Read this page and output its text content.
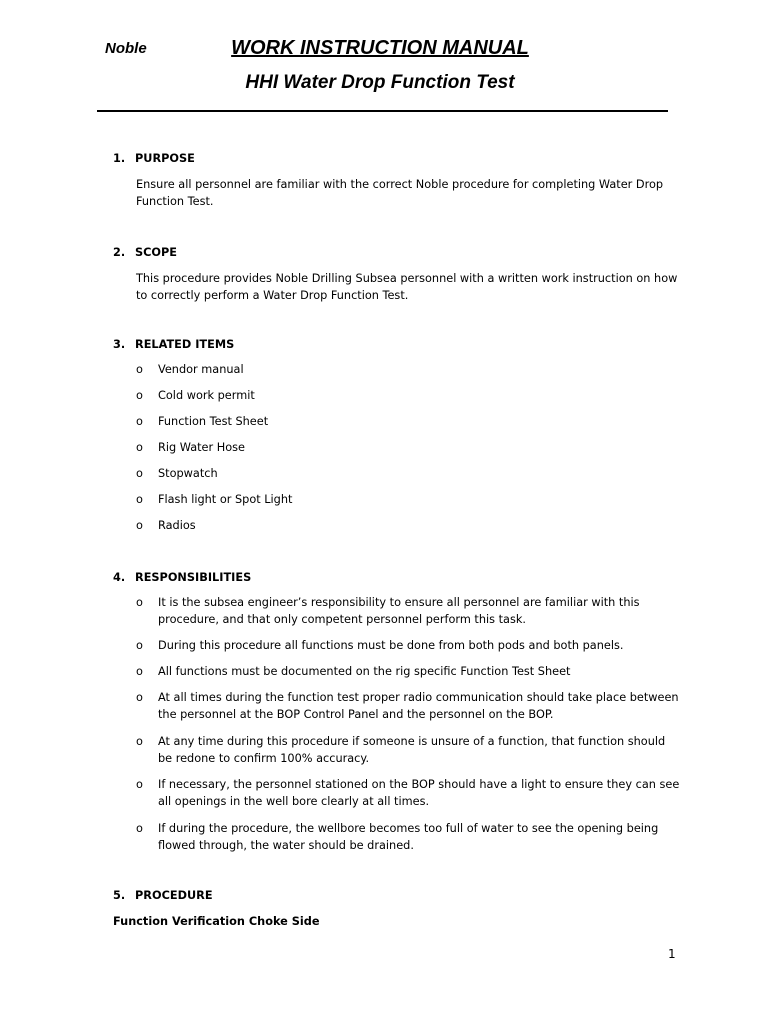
Noble	WORK INSTRUCTION MANUAL
HHI Water Drop Function Test
1. PURPOSE
Ensure all personnel are familiar with the correct Noble procedure for completing Water Drop Function Test.
2. SCOPE
This procedure provides Noble Drilling Subsea personnel with a written work instruction on how to correctly perform a Water Drop Function Test.
3. RELATED ITEMS
o Vendor manual
o Cold work permit
o Function Test Sheet
o Rig Water Hose
o Stopwatch
o Flash light or Spot Light
o Radios
4. RESPONSIBILITIES
o It is the subsea engineer’s responsibility to ensure all personnel are familiar with this procedure, and that only competent personnel perform this task.
o During this procedure all functions must be done from both pods and both panels.
o All functions must be documented on the rig specific Function Test Sheet
o At all times during the function test proper radio communication should take place between the personnel at the BOP Control Panel and the personnel on the BOP.
o At any time during this procedure if someone is unsure of a function, that function should be redone to confirm 100% accuracy.
o If necessary, the personnel stationed on the BOP should have a light to ensure they can see all openings in the well bore clearly at all times.
o If during the procedure, the wellbore becomes too full of water to see the opening being flowed through, the water should be drained.
5. PROCEDURE
Function Verification Choke Side
1
